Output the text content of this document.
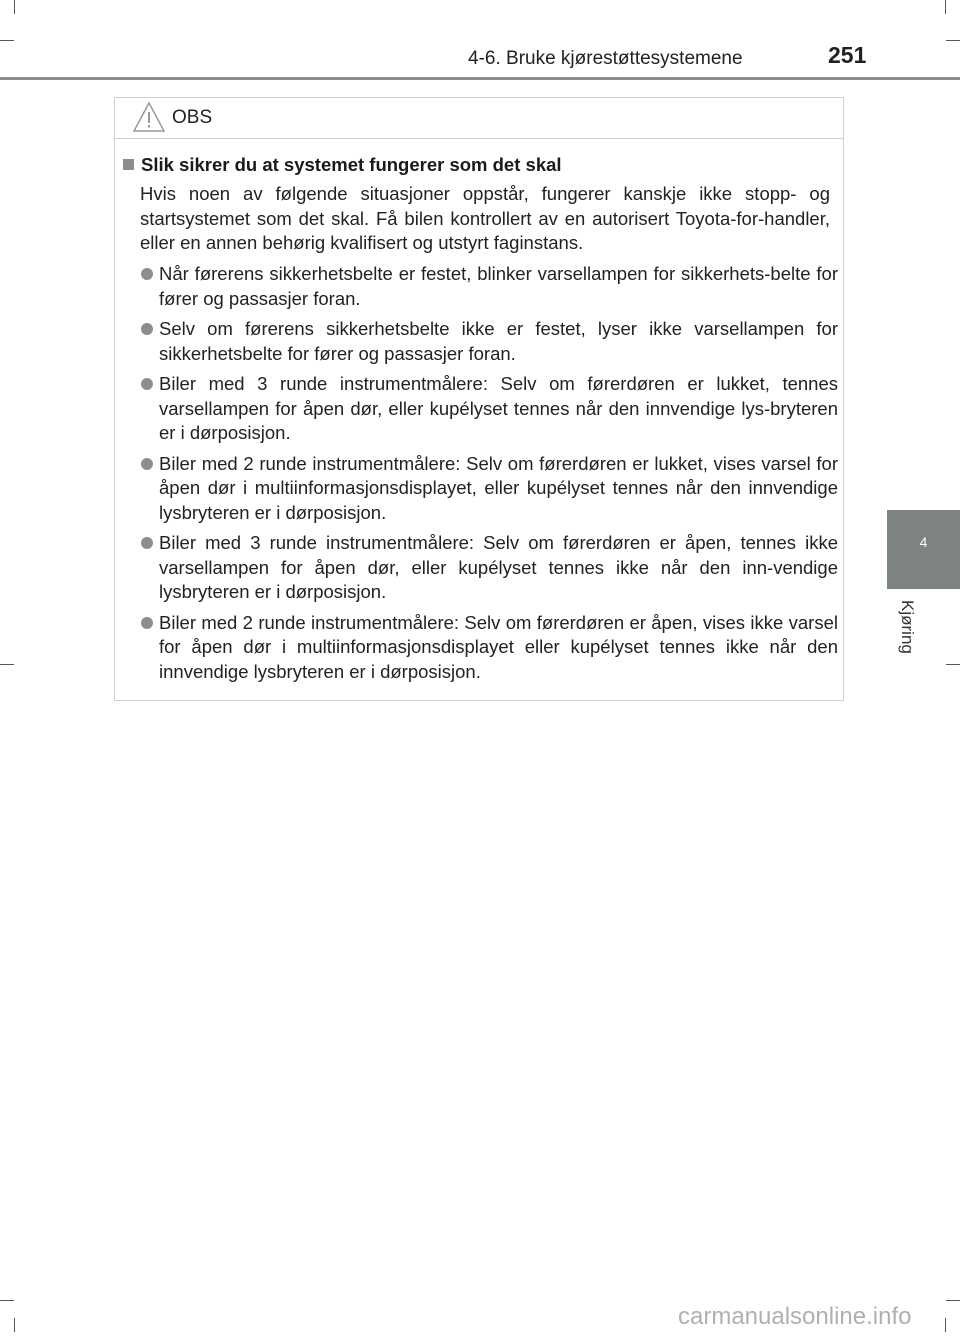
4-6. Bruke kjørestøttesystemene	251
4
Kjøring
OBS
Slik sikrer du at systemet fungerer som det skal
Hvis noen av følgende situasjoner oppstår, fungerer kanskje ikke stopp- og startsystemet som det skal. Få bilen kontrollert av en autorisert Toyota-for-handler, eller en annen behørig kvalifisert og utstyrt faginstans.
Når førerens sikkerhetsbelte er festet, blinker varsellampen for sikkerhets-belte for fører og passasjer foran.
Selv om førerens sikkerhetsbelte ikke er festet, lyser ikke varsellampen for sikkerhetsbelte for fører og passasjer foran.
Biler med 3 runde instrumentmålere: Selv om førerdøren er lukket, tennes varsellampen for åpen dør, eller kupélyset tennes når den innvendige lys-bryteren er i dørposisjon.
Biler med 2 runde instrumentmålere: Selv om førerdøren er lukket, vises varsel for åpen dør i multiinformasjonsdisplayet, eller kupélyset tennes når den innvendige lysbryteren er i dørposisjon.
Biler med 3 runde instrumentmålere: Selv om førerdøren er åpen, tennes ikke varsellampen for åpen dør, eller kupélyset tennes ikke når den inn-vendige lysbryteren er i dørposisjon.
Biler med 2 runde instrumentmålere: Selv om førerdøren er åpen, vises ikke varsel for åpen dør i multiinformasjonsdisplayet eller kupélyset tennes ikke når den innvendige lysbryteren er i dørposisjon.
carmanualsonline.info
